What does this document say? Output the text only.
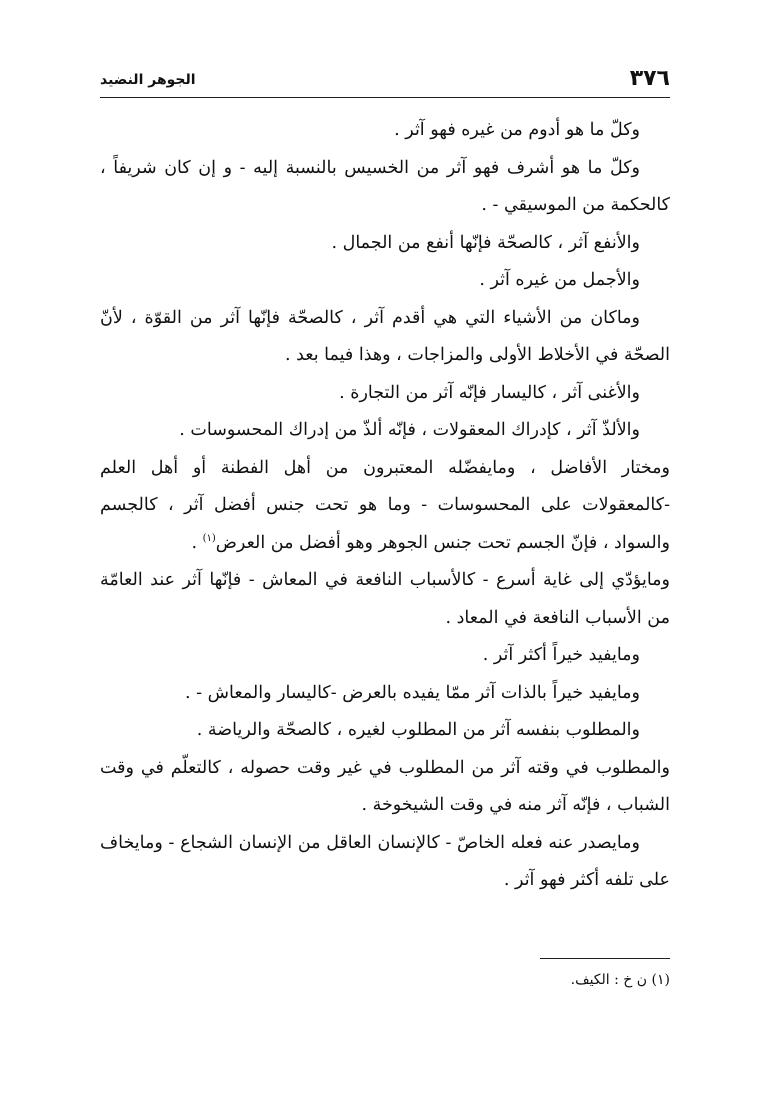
الجوهر النضيد	٣٧٦

وكلّ ما هو أدوم من غيره فهو آثر .

وكلّ ما هو أشرف فهو آثر من الخسيس بالنسبة إليه - و إن كان شريفاً ، كالحكمة من الموسيقي - .

والأنفع آثر ، كالصحّة فإنّها أنفع من الجمال .

والأجمل من غيره آثر .

وماكان من الأشياء التي هي أقدم آثر ، كالصحّة فإنّها آثر من القوّة ، لأنّ الصحّة في الأخلاط الأولى والمزاجات ، وهذا فيما بعد .

والأغنى آثر ، كاليسار فإنّه آثر من التجارة .

والألذّ آثر ، كإدراك المعقولات ، فإنّه ألذّ من إدراك المحسوسات .

ومختار الأفاضل ، ومايفضّله المعتبرون من أهل الفطنة أو أهل العلم -كالمعقولات على المحسوسات - وما هو تحت جنس أفضل آثر ، كالجسم والسواد ، فإنّ الجسم تحت جنس الجوهر وهو أفضل من العرض$^{(١)}$ .

ومايؤدّي إلى غاية أسرع - كالأسباب النافعة في المعاش - فإنّها آثر عند العامّة من الأسباب النافعة في المعاد .

ومايفيد خيراً أكثر آثر .

ومايفيد خيراً بالذات آثر ممّا يفيده بالعرض -كاليسار والمعاش - .

والمطلوب بنفسه آثر من المطلوب لغيره ، كالصحّة والرياضة .

والمطلوب في وقته آثر من المطلوب في غير وقت حصوله ، كالتعلّم في وقت الشباب ، فإنّه آثر منه في وقت الشيخوخة .

ومايصدر عنه فعله الخاصّ - كالإنسان العاقل من الإنسان الشجاع - ومايخاف على تلفه أكثر فهو آثر .

(١) ن خ : الكيف.
